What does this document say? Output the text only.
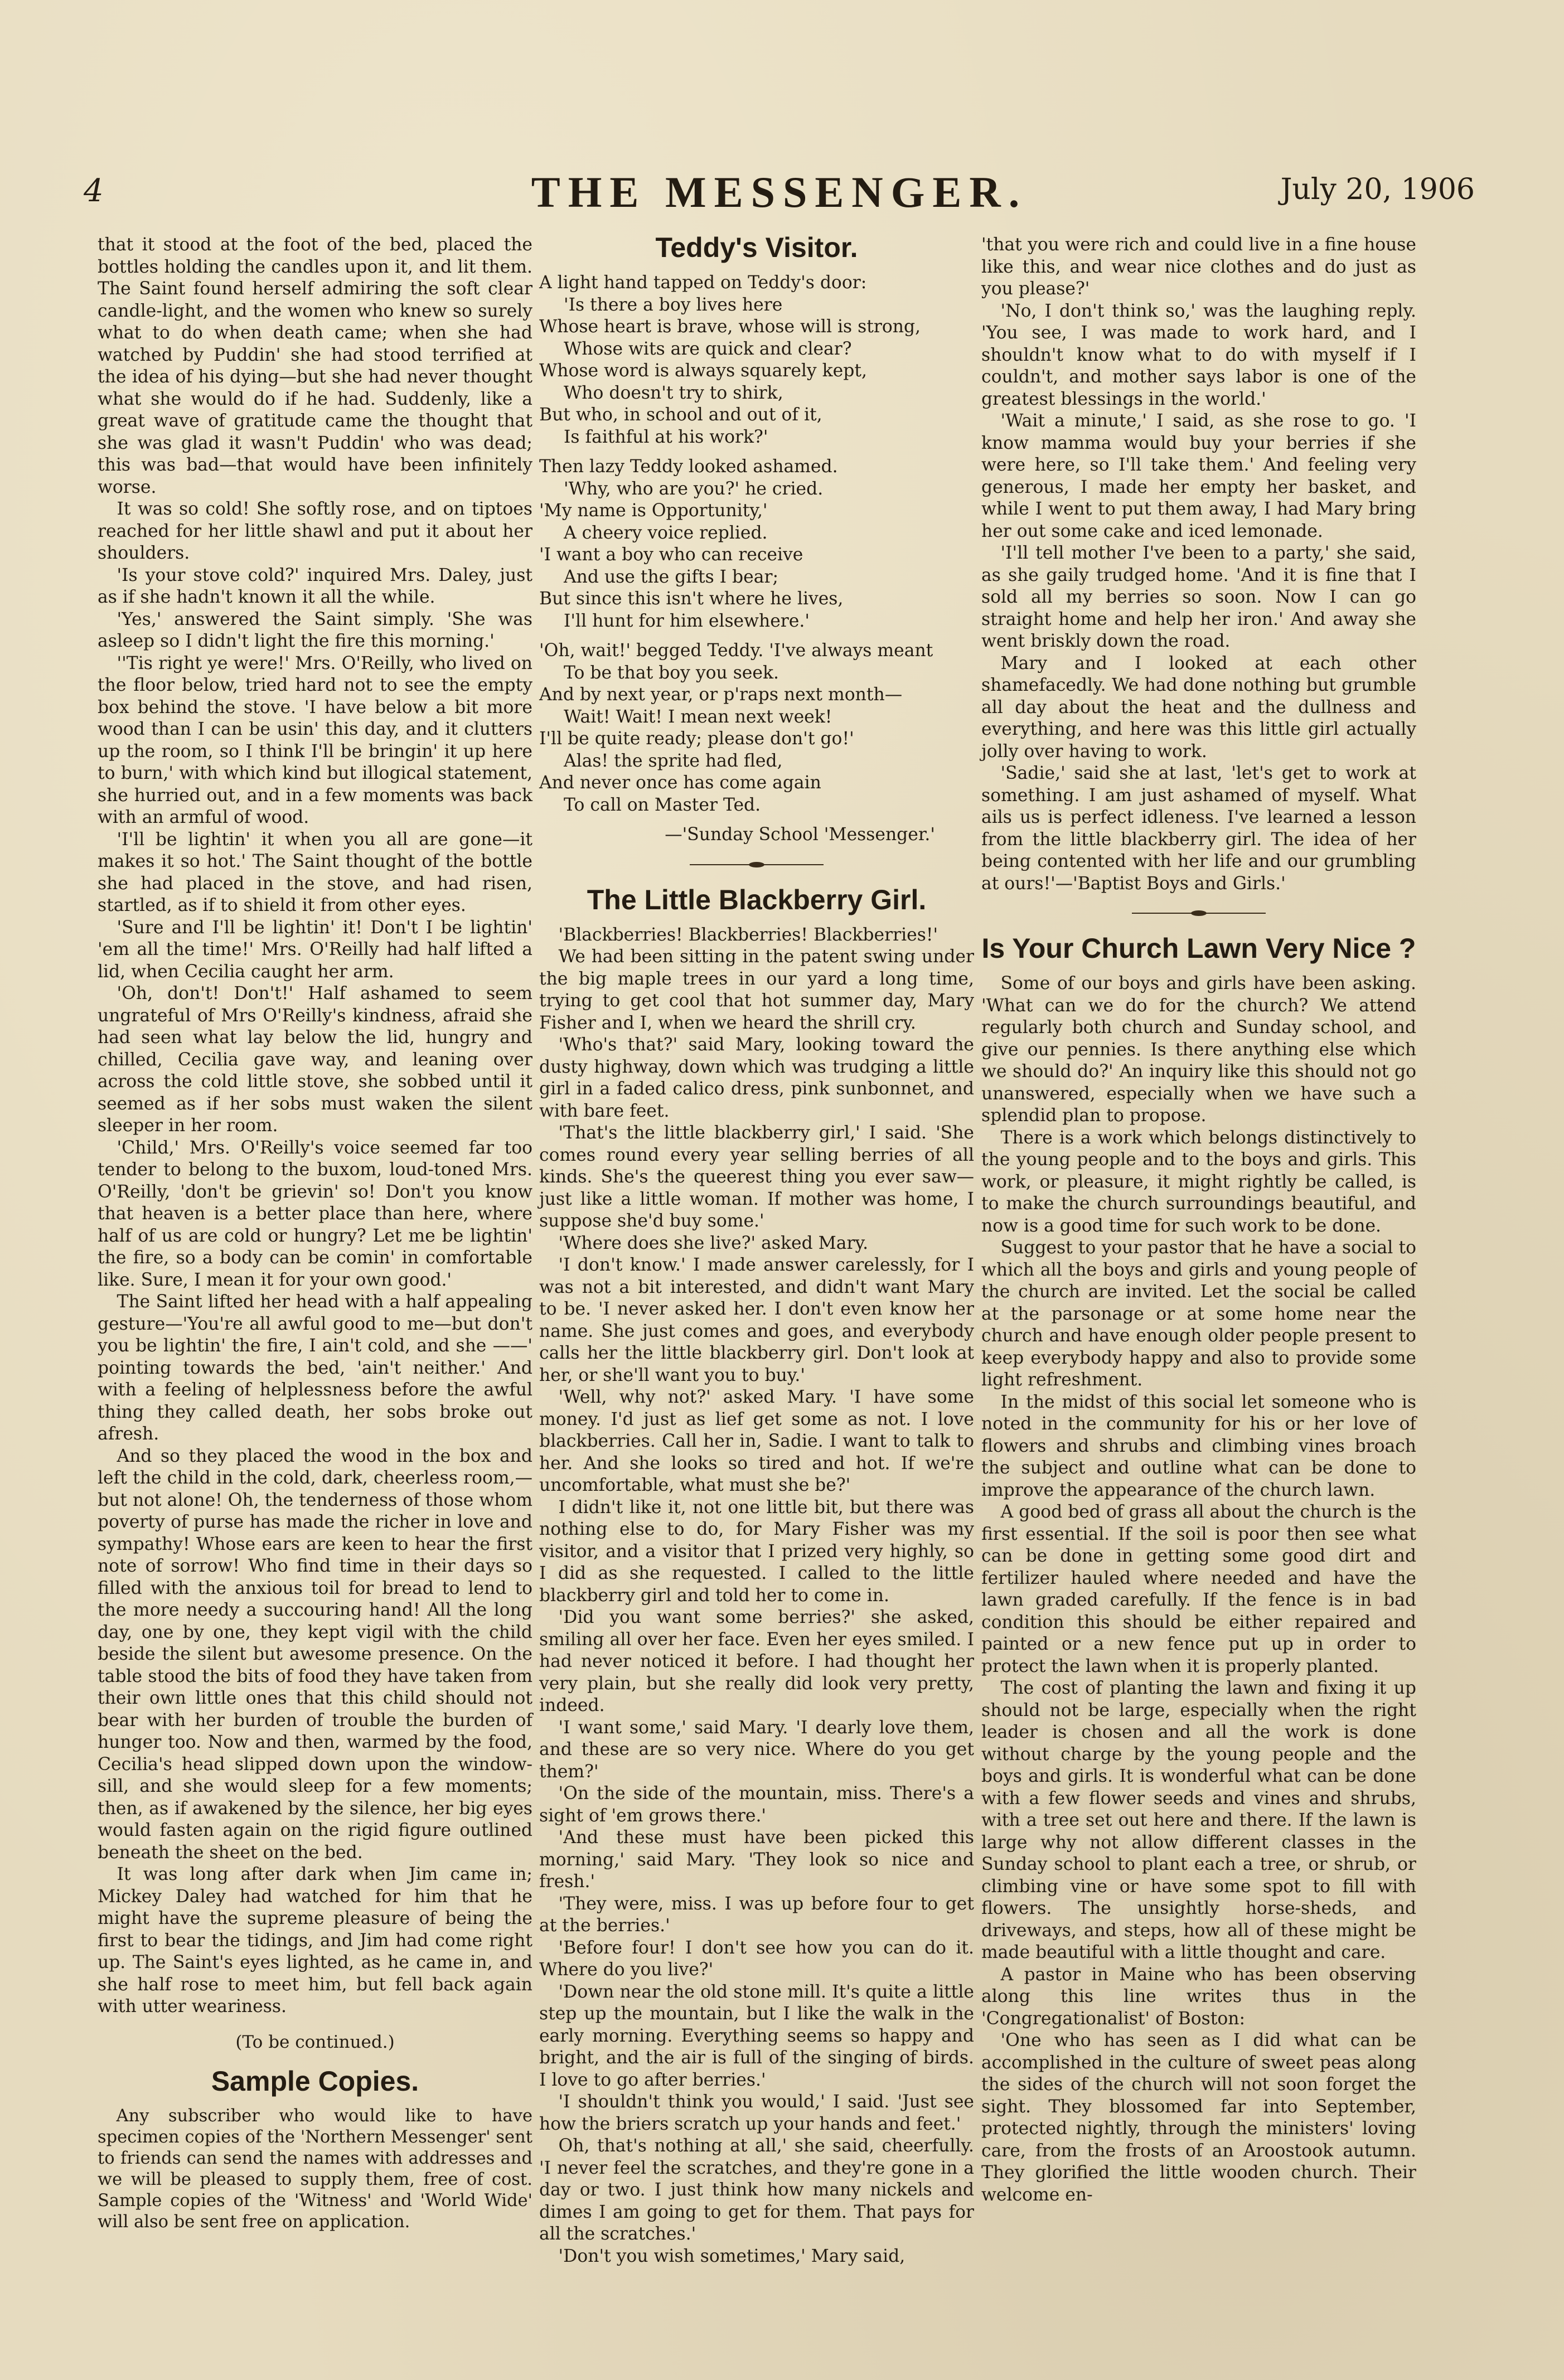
4	THE MESSENGER.	July 20, 1906

that it stood at the foot of the bed, placed the bottles holding the candles upon it, and lit them. The Saint found herself admiring the soft clear candle-light, and the women who knew so surely what to do when death came; when she had watched by Puddin' she had stood terrified at the idea of his dying—but she had never thought what she would do if he had. Suddenly, like a great wave of gratitude came the thought that she was glad it wasn't Puddin' who was dead; this was bad—that would have been infinitely worse.

It was so cold! She softly rose, and on tiptoes reached for her little shawl and put it about her shoulders.

'Is your stove cold?' inquired Mrs. Daley, just as if she hadn't known it all the while.

'Yes,' answered the Saint simply. 'She was asleep so I didn't light the fire this morning.'

''Tis right ye were!' Mrs. O'Reilly, who lived on the floor below, tried hard not to see the empty box behind the stove. 'I have below a bit more wood than I can be usin' this day, and it clutters up the room, so I think I'll be bringin' it up here to burn,' with which kind but illogical statement, she hurried out, and in a few moments was back with an armful of wood.

'I'll be lightin' it when you all are gone—it makes it so hot.' The Saint thought of the bottle she had placed in the stove, and had risen, startled, as if to shield it from other eyes.

'Sure and I'll be lightin' it! Don't I be lightin' 'em all the time!' Mrs. O'Reilly had half lifted a lid, when Cecilia caught her arm.

'Oh, don't! Don't!' Half ashamed to seem ungrateful of Mrs O'Reilly's kindness, afraid she had seen what lay below the lid, hungry and chilled, Cecilia gave way, and leaning over across the cold little stove, she sobbed until it seemed as if her sobs must waken the silent sleeper in her room.

'Child,' Mrs. O'Reilly's voice seemed far too tender to belong to the buxom, loud-toned Mrs. O'Reilly, 'don't be grievin' so! Don't you know that heaven is a better place than here, where half of us are cold or hungry? Let me be lightin' the fire, so a body can be comin' in comfortable like. Sure, I mean it for your own good.'

The Saint lifted her head with a half appealing gesture—'You're all awful good to me—but don't you be lightin' the fire, I ain't cold, and she ——' pointing towards the bed, 'ain't neither.' And with a feeling of helplessness before the awful thing they called death, her sobs broke out afresh.

And so they placed the wood in the box and left the child in the cold, dark, cheerless room,—but not alone! Oh, the tenderness of those whom poverty of purse has made the richer in love and sympathy! Whose ears are keen to hear the first note of sorrow! Who find time in their days so filled with the anxious toil for bread to lend to the more needy a succouring hand! All the long day, one by one, they kept vigil with the child beside the silent but awesome presence. On the table stood the bits of food they have taken from their own little ones that this child should not bear with her burden of trouble the burden of hunger too. Now and then, warmed by the food, Cecilia's head slipped down upon the window-sill, and she would sleep for a few moments; then, as if awakened by the silence, her big eyes would fasten again on the rigid figure outlined beneath the sheet on the bed.

It was long after dark when Jim came in; Mickey Daley had watched for him that he might have the supreme pleasure of being the first to bear the tidings, and Jim had come right up. The Saint's eyes lighted, as he came in, and she half rose to meet him, but fell back again with utter weariness.

(To be continued.)
Sample Copies.

Any subscriber who would like to have specimen copies of the 'Northern Messenger' sent to friends can send the names with addresses and we will be pleased to supply them, free of cost. Sample copies of the 'Witness' and 'World Wide' will also be sent free on application.

Teddy's Visitor.
A light hand tapped on Teddy's door:
'Is there a boy lives here
Whose heart is brave, whose will is strong,
Whose wits are quick and clear?
Whose word is always squarely kept,
Who doesn't try to shirk,
But who, in school and out of it,
Is faithful at his work?'
Then lazy Teddy looked ashamed.
'Why, who are you?' he cried.
'My name is Opportunity,'
A cheery voice replied.
'I want a boy who can receive
And use the gifts I bear;
But since this isn't where he lives,
I'll hunt for him elsewhere.'
'Oh, wait!' begged Teddy. 'I've always meant
To be that boy you seek.
And by next year, or p'raps next month—
Wait! Wait! I mean next week!
I'll be quite ready; please don't go!'
Alas! the sprite had fled,
And never once has come again
To call on Master Ted.
—'Sunday School 'Messenger.'
The Little Blackberry Girl.

'Blackberries! Blackberries! Blackberries!'

We had been sitting in the patent swing under the big maple trees in our yard a long time, trying to get cool that hot summer day, Mary Fisher and I, when we heard the shrill cry.

'Who's that?' said Mary, looking toward the dusty highway, down which was trudging a little girl in a faded calico dress, pink sunbonnet, and with bare feet.

'That's the little blackberry girl,' I said. 'She comes round every year selling berries of all kinds. She's the queerest thing you ever saw—just like a little woman. If mother was home, I suppose she'd buy some.'

'Where does she live?' asked Mary.

'I don't know.' I made answer carelessly, for I was not a bit interested, and didn't want Mary to be. 'I never asked her. I don't even know her name. She just comes and goes, and everybody calls her the little blackberry girl. Don't look at her, or she'll want you to buy.'

'Well, why not?' asked Mary. 'I have some money. I'd just as lief get some as not. I love blackberries. Call her in, Sadie. I want to talk to her. And she looks so tired and hot. If we're uncomfortable, what must she be?'

I didn't like it, not one little bit, but there was nothing else to do, for Mary Fisher was my visitor, and a visitor that I prized very highly, so I did as she requested. I called to the little blackberry girl and told her to come in.

'Did you want some berries?' she asked, smiling all over her face. Even her eyes smiled. I had never noticed it before. I had thought her very plain, but she really did look very pretty, indeed.

'I want some,' said Mary. 'I dearly love them, and these are so very nice. Where do you get them?'

'On the side of the mountain, miss. There's a sight of 'em grows there.'

'And these must have been picked this morning,' said Mary. 'They look so nice and fresh.'

'They were, miss. I was up before four to get at the berries.'

'Before four! I don't see how you can do it. Where do you live?'

'Down near the old stone mill. It's quite a little step up the mountain, but I like the walk in the early morning. Everything seems so happy and bright, and the air is full of the singing of birds. I love to go after berries.'

'I shouldn't think you would,' I said. 'Just see how the briers scratch up your hands and feet.'

Oh, that's nothing at all,' she said, cheerfully. 'I never feel the scratches, and they're gone in a day or two. I just think how many nickels and dimes I am going to get for them. That pays for all the scratches.'

'Don't you wish sometimes,' Mary said,

'that you were rich and could live in a fine house like this, and wear nice clothes and do just as you please?'

'No, I don't think so,' was the laughing reply. 'You see, I was made to work hard, and I shouldn't know what to do with myself if I couldn't, and mother says labor is one of the greatest blessings in the world.'

'Wait a minute,' I said, as she rose to go. 'I know mamma would buy your berries if she were here, so I'll take them.' And feeling very generous, I made her empty her basket, and while I went to put them away, I had Mary bring her out some cake and iced lemonade.

'I'll tell mother I've been to a party,' she said, as she gaily trudged home. 'And it is fine that I sold all my berries so soon. Now I can go straight home and help her iron.' And away she went briskly down the road.

Mary and I looked at each other shamefacedly. We had done nothing but grumble all day about the heat and the dullness and everything, and here was this little girl actually jolly over having to work.

'Sadie,' said she at last, 'let's get to work at something. I am just ashamed of myself. What ails us is perfect idleness. I've learned a lesson from the little blackberry girl. The idea of her being contented with her life and our grumbling at ours!'—'Baptist Boys and Girls.'

Is Your Church Lawn Very Nice ?

Some of our boys and girls have been asking. 'What can we do for the church? We attend regularly both church and Sunday school, and give our pennies. Is there anything else which we should do?' An inquiry like this should not go unanswered, especially when we have such a splendid plan to propose.

There is a work which belongs distinctively to the young people and to the boys and girls. This work, or pleasure, it might rightly be called, is to make the church surroundings beautiful, and now is a good time for such work to be done.

Suggest to your pastor that he have a social to which all the boys and girls and young people of the church are invited. Let the social be called at the parsonage or at some home near the church and have enough older people present to keep everybody happy and also to provide some light refreshment.

In the midst of this social let someone who is noted in the community for his or her love of flowers and shrubs and climbing vines broach the subject and outline what can be done to improve the appearance of the church lawn.

A good bed of grass all about the church is the first essential. If the soil is poor then see what can be done in getting some good dirt and fertilizer hauled where needed and have the lawn graded carefully. If the fence is in bad condition this should be either repaired and painted or a new fence put up in order to protect the lawn when it is properly planted.

The cost of planting the lawn and fixing it up should not be large, especially when the right leader is chosen and all the work is done without charge by the young people and the boys and girls. It is wonderful what can be done with a few flower seeds and vines and shrubs, with a tree set out here and there. If the lawn is large why not allow different classes in the Sunday school to plant each a tree, or shrub, or climbing vine or have some spot to fill with flowers. The unsightly horse-sheds, and driveways, and steps, how all of these might be made beautiful with a little thought and care.

A pastor in Maine who has been observing along this line writes thus in the 'Congregationalist' of Boston:

'One who has seen as I did what can be accomplished in the culture of sweet peas along the sides of the church will not soon forget the sight. They blossomed far into September, protected nightly, through the ministers' loving care, from the frosts of an Aroostook autumn. They glorified the little wooden church. Their welcome en-
